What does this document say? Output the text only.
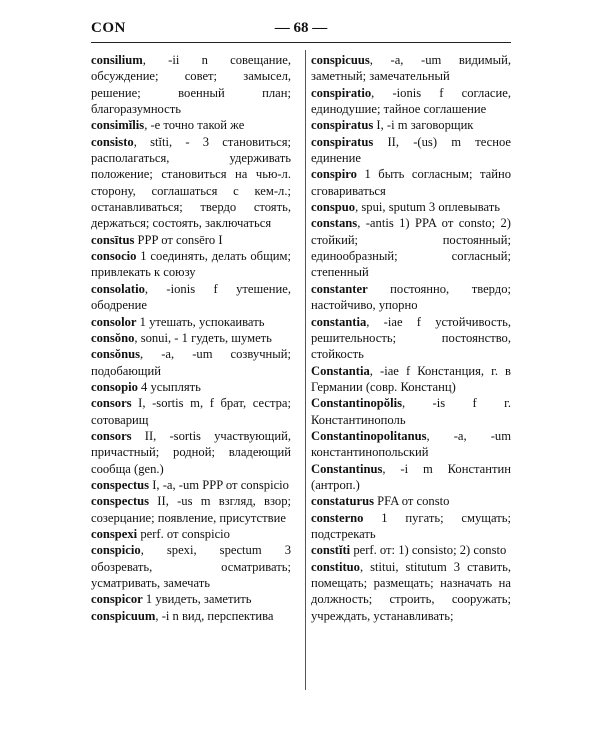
CON	— 68 —
consilium, -ii n совещание, обсуждение; совет; замысел, решение; военный план; благоразумность
consimĭlis, -е точно такой же
consisto, stĭti, - 3 становиться; располагаться, удерживать положение; становиться на чью-л. сторону, соглашаться с кем-л.; останавливаться; твердо стоять, держаться; состоять, заключаться
consītus PPP от consēro I
consocio 1 соединять, делать общим; привлекать к союзу
consolatio, -ionis f утешение, ободрение
consolor 1 утешать, успокаивать
consŏno, sonui, - 1 гудеть, шуметь
consŏnus, -a, -um созвучный; подобающий
consopio 4 усыплять
consors I, -sortis m, f брат, сестра; сотоварищ
consors II, -sortis участвующий, причастный; родной; владеющий сообща (gen.)
conspectus I, -a, -um PPP от conspicio
conspectus II, -us m взгляд, взор; созерцание; появление, присутствие
conspexi perf. от conspicio
conspicio, spexi, spectum 3 обозревать, осматривать; усматривать, замечать
conspicor 1 увидеть, заметить
conspicuum, -i n вид, перспектива
conspicuus, -a, -um видимый, заметный; замечательный
conspiratio, -ionis f согласие, единодушие; тайное соглашение
conspiratus I, -i m заговорщик
conspiratus II, -(us) m тесное единение
conspiro 1 быть согласным; тайно сговариваться
conspuo, spui, sputum 3 оплевывать
constans, -antis 1) PPA от consto; 2) стойкий; постоянный; единообразный; согласный; степенный
constanter постоянно, твердо; настойчиво, упорно
constantia, -iae f устойчивость, решительность; постоянство, стойкость
Constantia, -iae f Констанция, г. в Германии (совр. Констанц)
Constantinopŏlis, -is f г. Константинополь
Constantinopolitanus, -a, -um константинопольский
Constantinus, -i m Константин (антроп.)
constaturus PFA от consto
consterno 1 пугать; смущать; подстрекать
constĭti perf. от: 1) consisto; 2) consto
constituo, stitui, stitutum 3 ставить, помещать; размещать; назначать на должность; строить, сооружать; учреждать, устанавливать;
